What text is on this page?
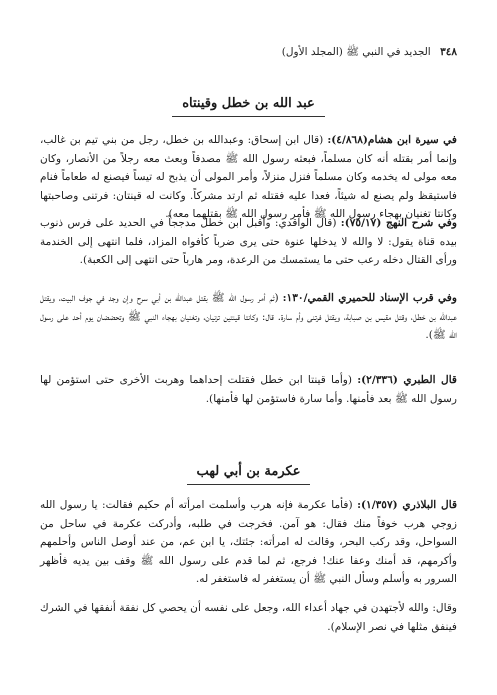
٣٤٨ الجديد في النبي ﷺ (المجلد الأول)
عبد الله بن خطل وقينتاه
في سيرة ابن هشام(٤/٨٦٨): (قال ابن إسحاق: وعبدالله بن خطل، رجل من بني تيم بن غالب، وإنما أمر بقتله أنه كان مسلماً، فبعثه رسول الله ﷺ مصدقاً وبعث معه رجلاً من الأنصار، وكان معه مولى له يخدمه وكان مسلماً فنزل منزلاً، وأمر المولى أن يذبح له تيساً فيصنع له طعاماً فنام فاستيقظ ولم يصنع له شيئاً، فعدا عليه فقتله ثم ارتد مشركاً. وكانت له قينتان: فرتنى وصاحبتها وكانتا تغنيان بهجاء رسول الله ﷺ فأمر رسول الله ﷺ بقتلهما معه).
وفي شرح النهج (٧٥/١٧): (قال الواقدي: وأقبل ابن خطل مدججاً في الحديد على فرس ذنوب بيده قناة يقول: لا والله لا يدخلها عنوة حتى يرى ضرباً كأفواه المزاد، فلما انتهى إلى الخندمة ورأى القتال دخله رعب حتى ما يستمسك من الرعدة، ومر هارباً حتى انتهى إلى الكعبة).
وفي قرب الإسناد للحميري القمي/١٣٠: (ثم أمر رسول الله ﷺ بقتل عبدالله بن أبي سرح وإن وجد في جوف البيت، ويقتل عبدالله بن خطل، وقتل مقيس بن صبابة، ويقتل فرتنى وأم سارة. قال: وكانتا قينتين تزنيان، وتغنيان بهجاء النبي ﷺ وتحضضان يوم أحد على رسول الله ﷺ).
قال الطبري (٢/٣٣٦): (وأما قينتا ابن خطل فقتلت إحداهما وهربت الأخرى حتى استؤمن لها رسول الله ﷺ بعد فأمنها. وأما سارة فاستؤمن لها فأمنها).
عكرمة بن أبي لهب
قال البلاذري (١/٣٥٧): (فأما عكرمة فإنه هرب وأسلمت امرأته أم حكيم فقالت: يا رسول الله زوجي هرب خوفاً منك فقال: هو آمن. فخرجت في طلبه، وأدركت عكرمة في ساحل من السواحل، وقد ركب البحر، وقالت له امرأته: جئتك، يا ابن عم، من عند أوصل الناس وأحلمهم وأكرمهم، قد أمنك وعفا عنك! فرجع، ثم لما قدم على رسول الله ﷺ وقف بين يديه فأظهر السرور به وأسلم وسأل النبي ﷺ أن يستغفر له فاستغفر له.
وقال: والله لأجتهدن في جهاد أعداء الله، وجعل على نفسه أن يحصي كل نفقة أنفقها في الشرك فينفق مثلها في نصر الإسلام).
